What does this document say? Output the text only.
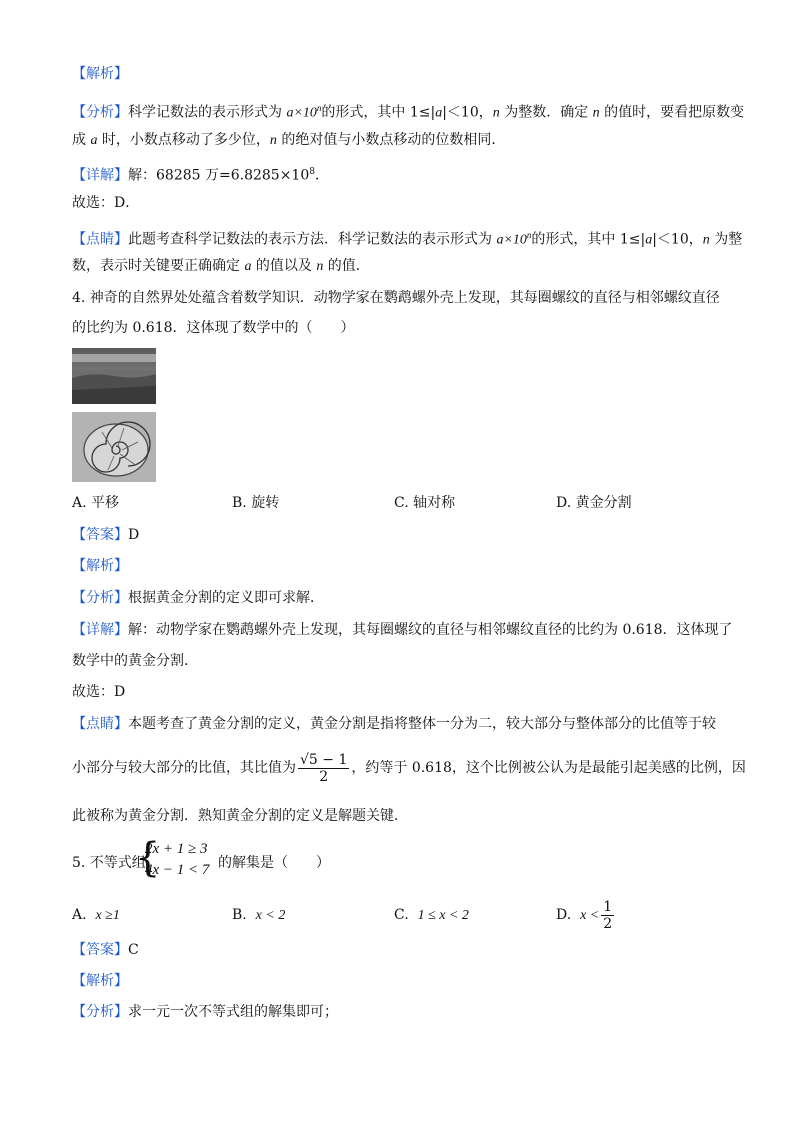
【解析】
【分析】科学记数法的表示形式为 $a\times 10^n$的形式，其中 1≤|a|＜10，n 为整数．确定 n 的值时，要看把原数变
成 a 时，小数点移动了多少位，n 的绝对值与小数点移动的位数相同．
【详解】解：68285 万$=6.8285\times 10^8$．
故选：D．
【点睛】此题考查科学记数法的表示方法．科学记数法的表示形式为 $a\times 10^n$的形式，其中 1≤|a|＜10，n 为整
数，表示时关键要正确确定 a 的值以及 n 的值．
4. 神奇的自然界处处蕴含着数学知识．动物学家在鹦鹉螺外壳上发现，其每圈螺纹的直径与相邻螺纹直径
的比约为 0.618．这体现了数学中的（　　）
A. 平移	B. 旋转	C. 轴对称	D. 黄金分割
【答案】D
【解析】
【分析】根据黄金分割的定义即可求解．
【详解】解：动物学家在鹦鹉螺外壳上发现，其每圈螺纹的直径与相邻螺纹直径的比约为 0.618．这体现了
数学中的黄金分割．
故选：D
【点睛】本题考查了黄金分割的定义，黄金分割是指将整体一分为二，较大部分与整体部分的比值等于较
小部分与较大部分的比值，其比值为 $\frac{√5 - 1}{2}$ ，约等于 0.618，这个比例被公认为是最能引起美感的比例，因
此被称为黄金分割．熟知黄金分割的定义是解题关键．
5. 不等式组
{
2x + 1 ≥ 3
4x − 1 < 7 的解集是（　　）
A. x ≥1	B. x < 2	C. 1 ≤ x < 2	D. $x < \frac{1}{2}$
【答案】C
【解析】
【分析】求一元一次不等式组的解集即可；
